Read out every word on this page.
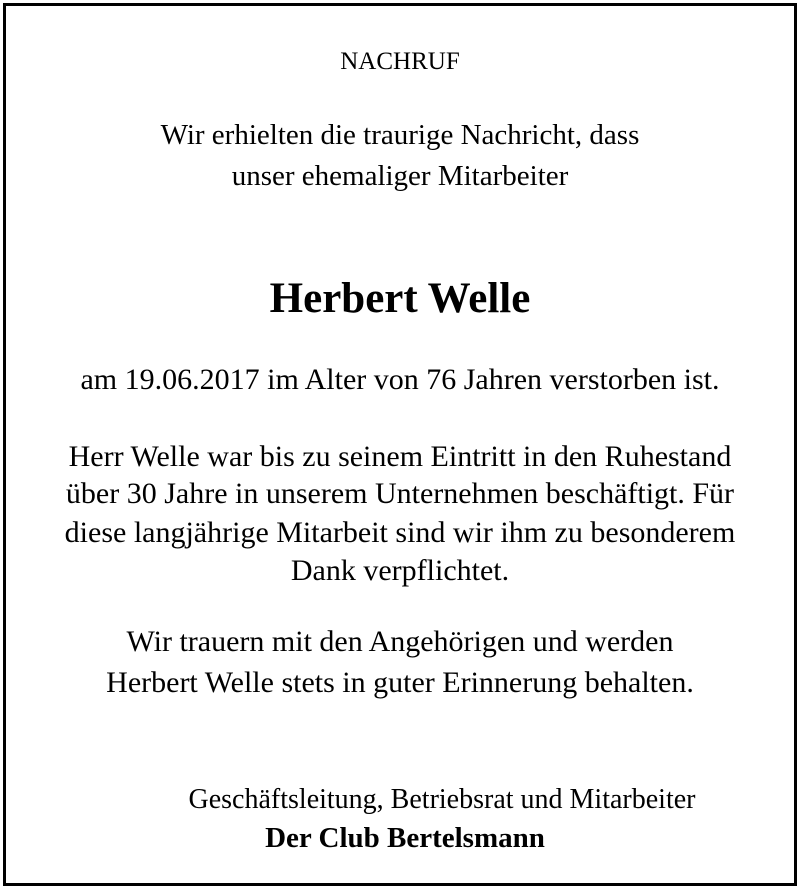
NACHRUF
Wir erhielten die traurige Nachricht, dass
unser ehemaliger Mitarbeiter
Herbert Welle
am 19.06.2017 im Alter von 76 Jahren verstorben ist.
Herr Welle war bis zu seinem Eintritt in den Ruhestand
über 30 Jahre in unserem Unternehmen beschäftigt. Für
diese langjährige Mitarbeit sind wir ihm zu besonderem
Dank verpflichtet.
Wir trauern mit den Angehörigen und werden
Herbert Welle stets in guter Erinnerung behalten.
Geschäftsleitung, Betriebsrat und Mitarbeiter
Der Club Bertelsmann
